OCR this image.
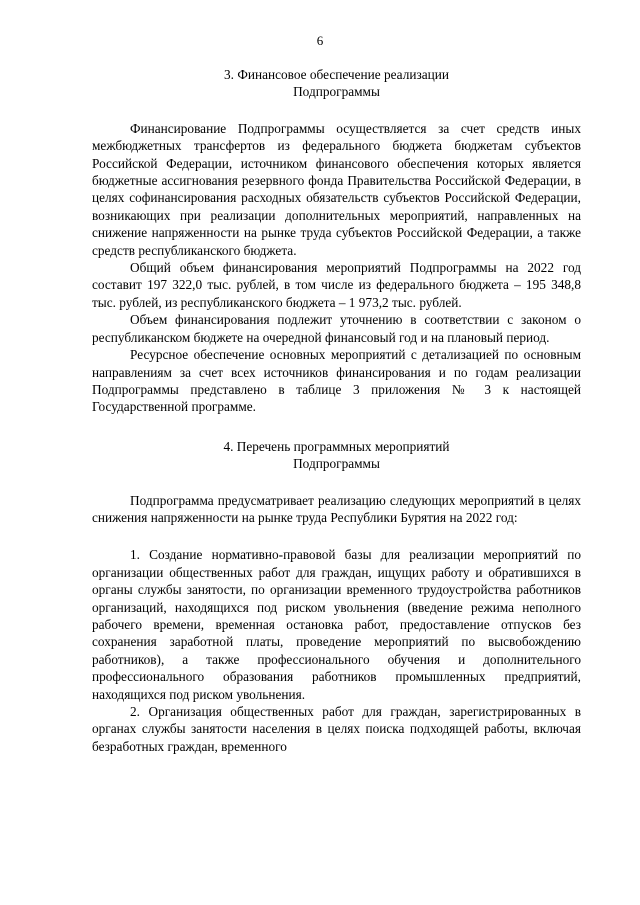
6
3. Финансовое обеспечение реализации
Подпрограммы

Финансирование Подпрограммы осуществляется за счет средств иных межбюджетных трансфертов из федерального бюджета бюджетам субъектов Российской Федерации, источником финансового обеспечения которых является бюджетные ассигнования резервного фонда Правительства Российской Федерации, в целях софинансирования расходных обязательств субъектов Российской Федерации, возникающих при реализации дополнительных мероприятий, направленных на снижение напряженности на рынке труда субъектов Российской Федерации, а также средств республиканского бюджета.

Общий объем финансирования мероприятий Подпрограммы на 2022 год составит 197 322,0 тыс. рублей, в том числе из федерального бюджета – 195 348,8 тыс. рублей, из республиканского бюджета – 1 973,2 тыс. рублей.

Объем финансирования подлежит уточнению в соответствии с законом о республиканском бюджете на очередной финансовый год и на плановый период.

Ресурсное обеспечение основных мероприятий с детализацией по основным направлениям за счет всех источников финансирования и по годам реализации Подпрограммы представлено в таблице 3 приложения № 3 к настоящей Государственной программе.

4. Перечень программных мероприятий
Подпрограммы

Подпрограмма предусматривает реализацию следующих мероприятий в целях снижения напряженности на рынке труда Республики Бурятия на 2022 год:

1. Создание нормативно-правовой базы для реализации мероприятий по организации общественных работ для граждан, ищущих работу и обратившихся в органы службы занятости, по организации временного трудоустройства работников организаций, находящихся под риском увольнения (введение режима неполного рабочего времени, временная остановка работ, предоставление отпусков без сохранения заработной платы, проведение мероприятий по высвобождению работников), а также профессионального обучения и дополнительного профессионального образования работников промышленных предприятий, находящихся под риском увольнения.

2. Организация общественных работ для граждан, зарегистрированных в органах службы занятости населения в целях поиска подходящей работы, включая безработных граждан, временного
